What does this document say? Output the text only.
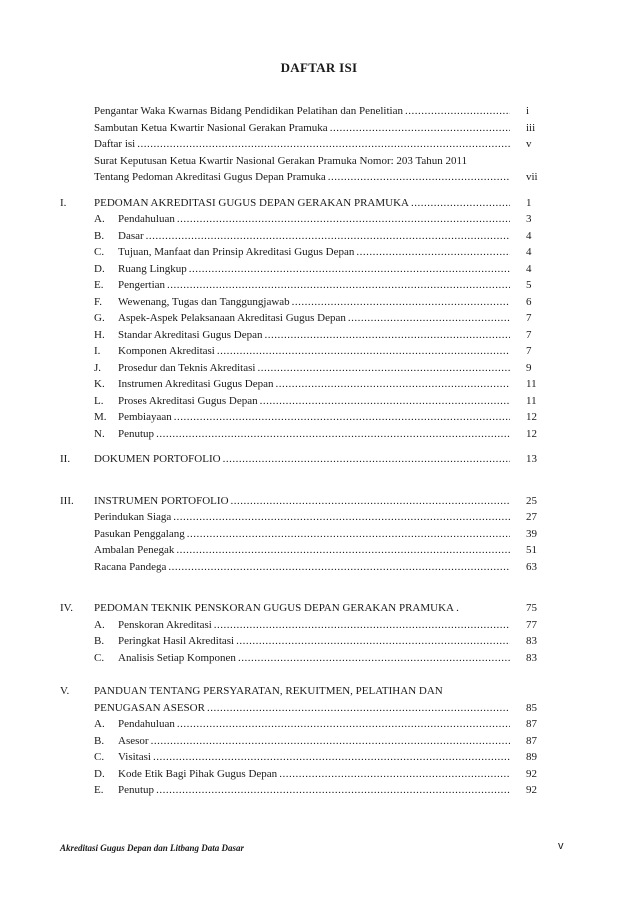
DAFTAR ISI
Pengantar Waka Kwarnas Bidang Pendidikan Pelatihan dan Penelitian .....	i
Sambutan Ketua Kwartir Nasional Gerakan Pramuka .....	iii
Daftar isi .....	v
Surat Keputusan Ketua Kwartir Nasional Gerakan Pramuka Nomor: 203 Tahun 2011
Tentang Pedoman Akreditasi Gugus Depan Pramuka .....	vii
I.	PEDOMAN AKREDITASI GUGUS DEPAN GERAKAN PRAMUKA .....	1
A.	Pendahuluan .....	3
B.	Dasar .....	4
C.	Tujuan, Manfaat dan Prinsip Akreditasi Gugus Depan .....	4
D.	Ruang Lingkup .....	4
E.	Pengertian .....	5
F.	Wewenang, Tugas dan Tanggungjawab .....	6
G.	Aspek-Aspek Pelaksanaan Akreditasi Gugus Depan .....	7
H.	Standar Akreditasi Gugus Depan .....	7
I.	Komponen Akreditasi .....	7
J.	Prosedur dan Teknis Akreditasi .....	9
K.	Instrumen Akreditasi Gugus Depan .....	11
L.	Proses Akreditasi Gugus Depan .....	11
M.	Pembiayaan .....	12
N.	Penutup .....	12
II.	DOKUMEN PORTOFOLIO .....	13
III.	INSTRUMEN PORTOFOLIO .....	25
Perindukan Siaga .....	27
Pasukan Penggalang .....	39
Ambalan Penegak .....	51
Racana Pandega .....	63
IV.	PEDOMAN TEKNIK PENSKORAN GUGUS DEPAN GERAKAN PRAMUKA .	75
A.	Penskoran Akreditasi .....	77
B.	Peringkat Hasil Akreditasi .....	83
C.	Analisis Setiap Komponen .....	83
V.	PANDUAN TENTANG PERSYARATAN, REKUITMEN, PELATIHAN DAN
PENUGASAN ASESOR .....	85
A.	Pendahuluan .....	87
B.	Asesor .....	87
C.	Visitasi .....	89
D.	Kode Etik Bagi Pihak Gugus Depan .....	92
E.	Penutup .....	92
Akreditasi Gugus Depan dan Litbang Data Dasar	v
